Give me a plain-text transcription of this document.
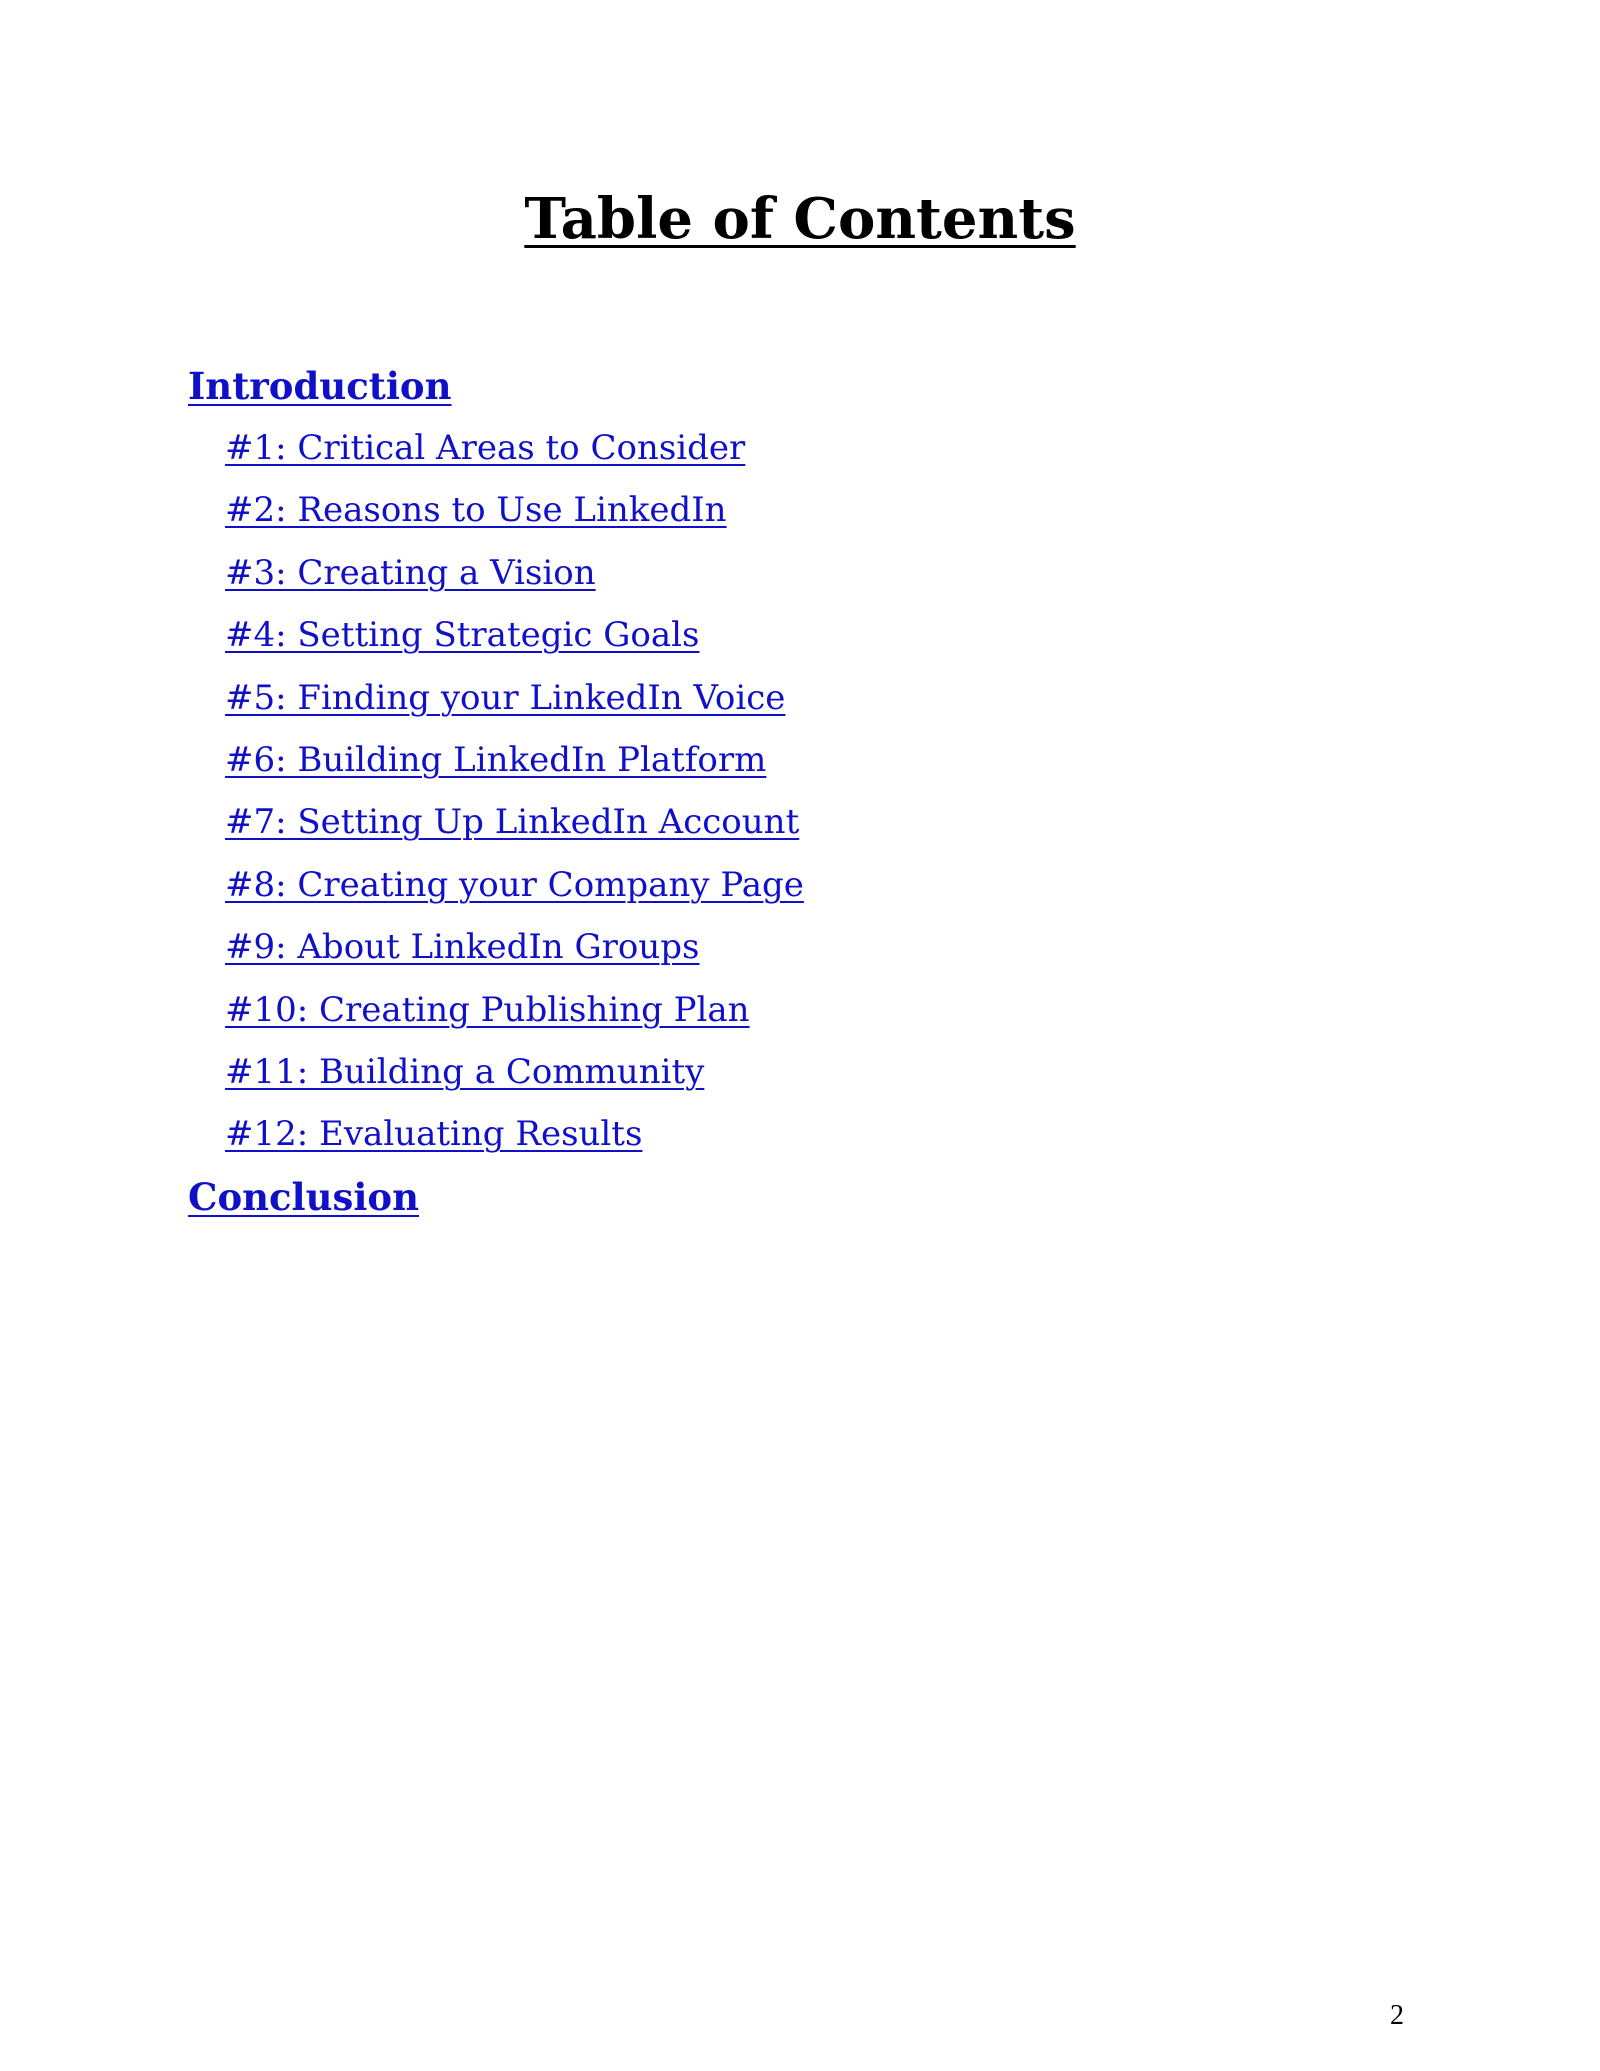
Table of Contents
Introduction
#1: Critical Areas to Consider
#2: Reasons to Use LinkedIn
#3: Creating a Vision
#4: Setting Strategic Goals
#5: Finding your LinkedIn Voice
#6: Building LinkedIn Platform
#7: Setting Up LinkedIn Account
#8: Creating your Company Page
#9: About LinkedIn Groups
#10: Creating Publishing Plan
#11: Building a Community
#12: Evaluating Results
Conclusion
2
